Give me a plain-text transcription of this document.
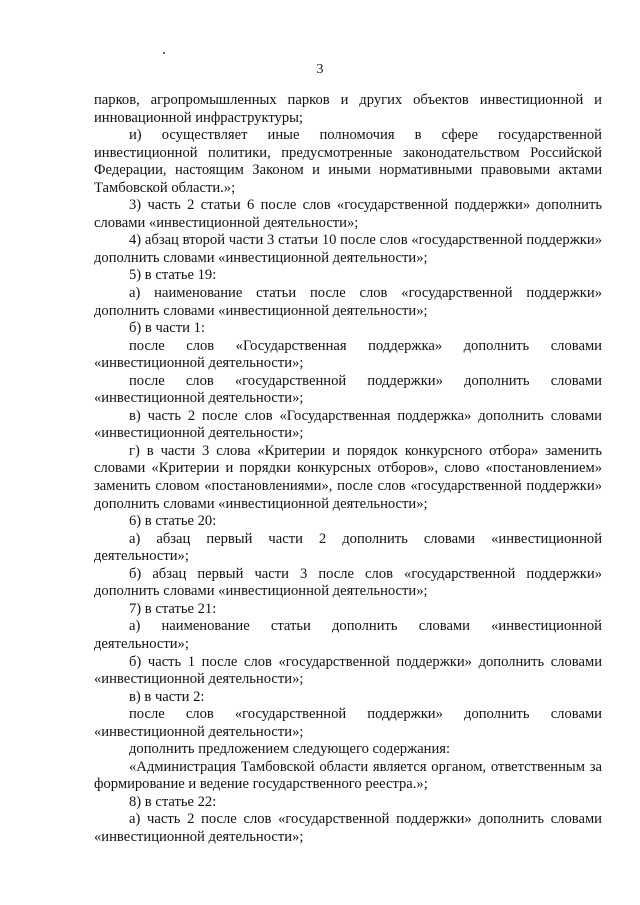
3

парков, агропромышленных парков и других объектов инвестиционной и инновационной инфраструктуры;

и) осуществляет иные полномочия в сфере государственной инвестиционной политики, предусмотренные законодательством Российской Федерации, настоящим Законом и иными нормативными правовыми актами Тамбовской области.»;

3) часть 2 статьи 6 после слов «государственной поддержки» дополнить словами «инвестиционной деятельности»;

4) абзац второй части 3 статьи 10 после слов «государственной поддержки» дополнить словами «инвестиционной деятельности»;

5) в статье 19:

а) наименование статьи после слов «государственной поддержки» дополнить словами «инвестиционной деятельности»;

б) в части 1:

после слов «Государственная поддержка» дополнить словами «инвестиционной деятельности»;

после слов «государственной поддержки» дополнить словами «инвестиционной деятельности»;

в) часть 2 после слов «Государственная поддержка» дополнить словами «инвестиционной деятельности»;

г) в части 3 слова «Критерии и порядок конкурсного отбора» заменить словами «Критерии и порядки конкурсных отборов», слово «постановлением» заменить словом «постановлениями», после слов «государственной поддержки» дополнить словами «инвестиционной деятельности»;

6) в статье 20:

а) абзац первый части 2 дополнить словами «инвестиционной деятельности»;

б) абзац первый части 3 после слов «государственной поддержки» дополнить словами «инвестиционной деятельности»;

7) в статье 21:

а) наименование статьи дополнить словами «инвестиционной деятельности»;

б) часть 1 после слов «государственной поддержки» дополнить словами «инвестиционной деятельности»;

в) в части 2:

после слов «государственной поддержки» дополнить словами «инвестиционной деятельности»;

дополнить предложением следующего содержания:

«Администрация Тамбовской области является органом, ответственным за формирование и ведение государственного реестра.»;

8) в статье 22:

а) часть 2 после слов «государственной поддержки» дополнить словами «инвестиционной деятельности»;
